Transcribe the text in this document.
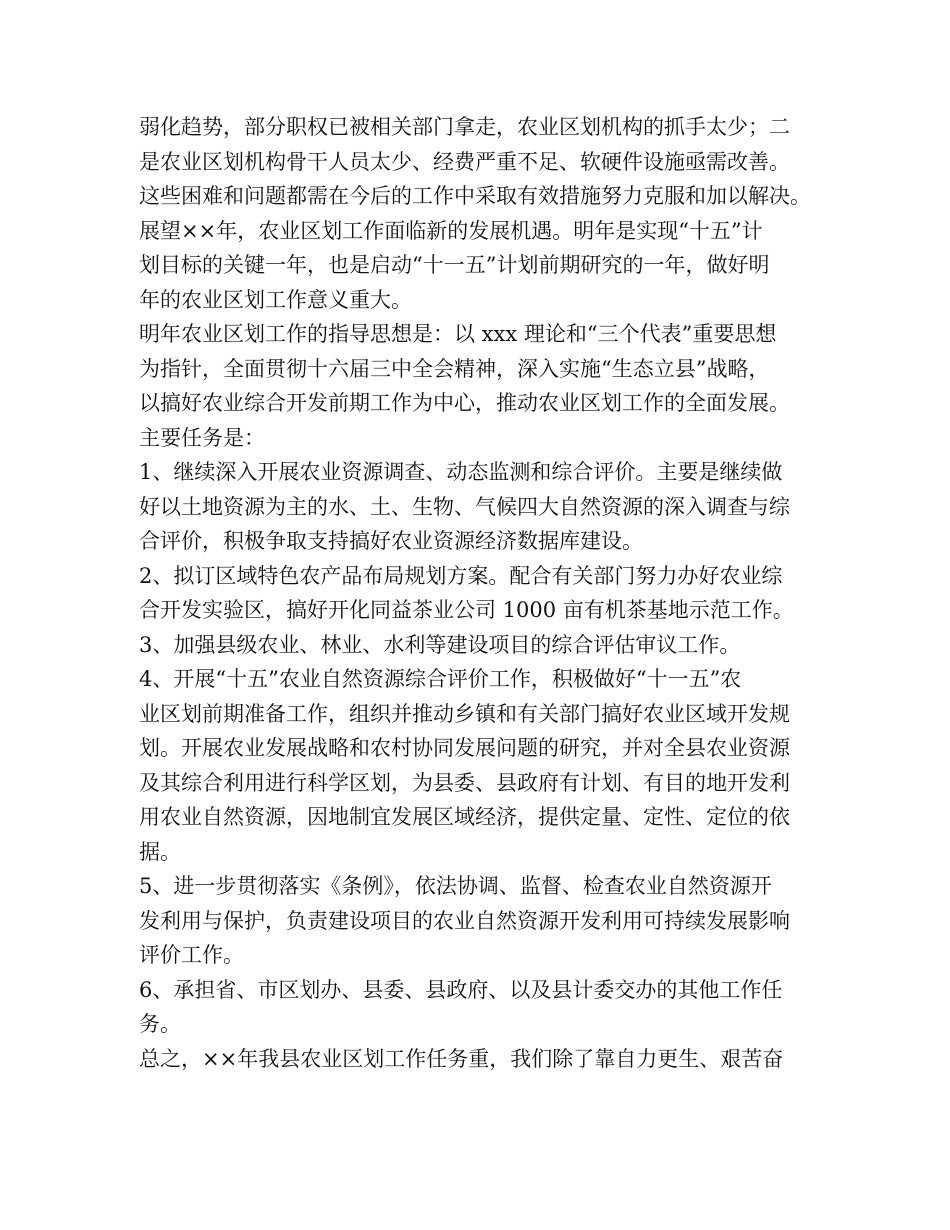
弱化趋势，部分职权已被相关部门拿走，农业区划机构的抓手太少；二
是农业区划机构骨干人员太少、经费严重不足、软硬件设施亟需改善。
这些困难和问题都需在今后的工作中采取有效措施努力克服和加以解决。
展望××年，农业区划工作面临新的发展机遇。明年是实现“十五”计
划目标的关键一年，也是启动“十一五”计划前期研究的一年，做好明
年的农业区划工作意义重大。
明年农业区划工作的指导思想是：以 xxx 理论和“三个代表”重要思想
为指针，全面贯彻十六届三中全会精神，深入实施“生态立县”战略，
以搞好农业综合开发前期工作为中心，推动农业区划工作的全面发展。
主要任务是：
1、继续深入开展农业资源调查、动态监测和综合评价。主要是继续做
好以土地资源为主的水、土、生物、气候四大自然资源的深入调查与综
合评价，积极争取支持搞好农业资源经济数据库建设。
2、拟订区域特色农产品布局规划方案。配合有关部门努力办好农业综
合开发实验区，搞好开化同益茶业公司 1000 亩有机茶基地示范工作。
3、加强县级农业、林业、水利等建设项目的综合评估审议工作。
4、开展“十五”农业自然资源综合评价工作，积极做好“十一五”农
业区划前期准备工作，组织并推动乡镇和有关部门搞好农业区域开发规
划。开展农业发展战略和农村协同发展问题的研究，并对全县农业资源
及其综合利用进行科学区划，为县委、县政府有计划、有目的地开发利
用农业自然资源，因地制宜发展区域经济，提供定量、定性、定位的依
据。
5、进一步贯彻落实《条例》，依法协调、监督、检查农业自然资源开
发利用与保护，负责建设项目的农业自然资源开发利用可持续发展影响
评价工作。
6、承担省、市区划办、县委、县政府、以及县计委交办的其他工作任
务。
总之，××年我县农业区划工作任务重，我们除了靠自力更生、艰苦奋
